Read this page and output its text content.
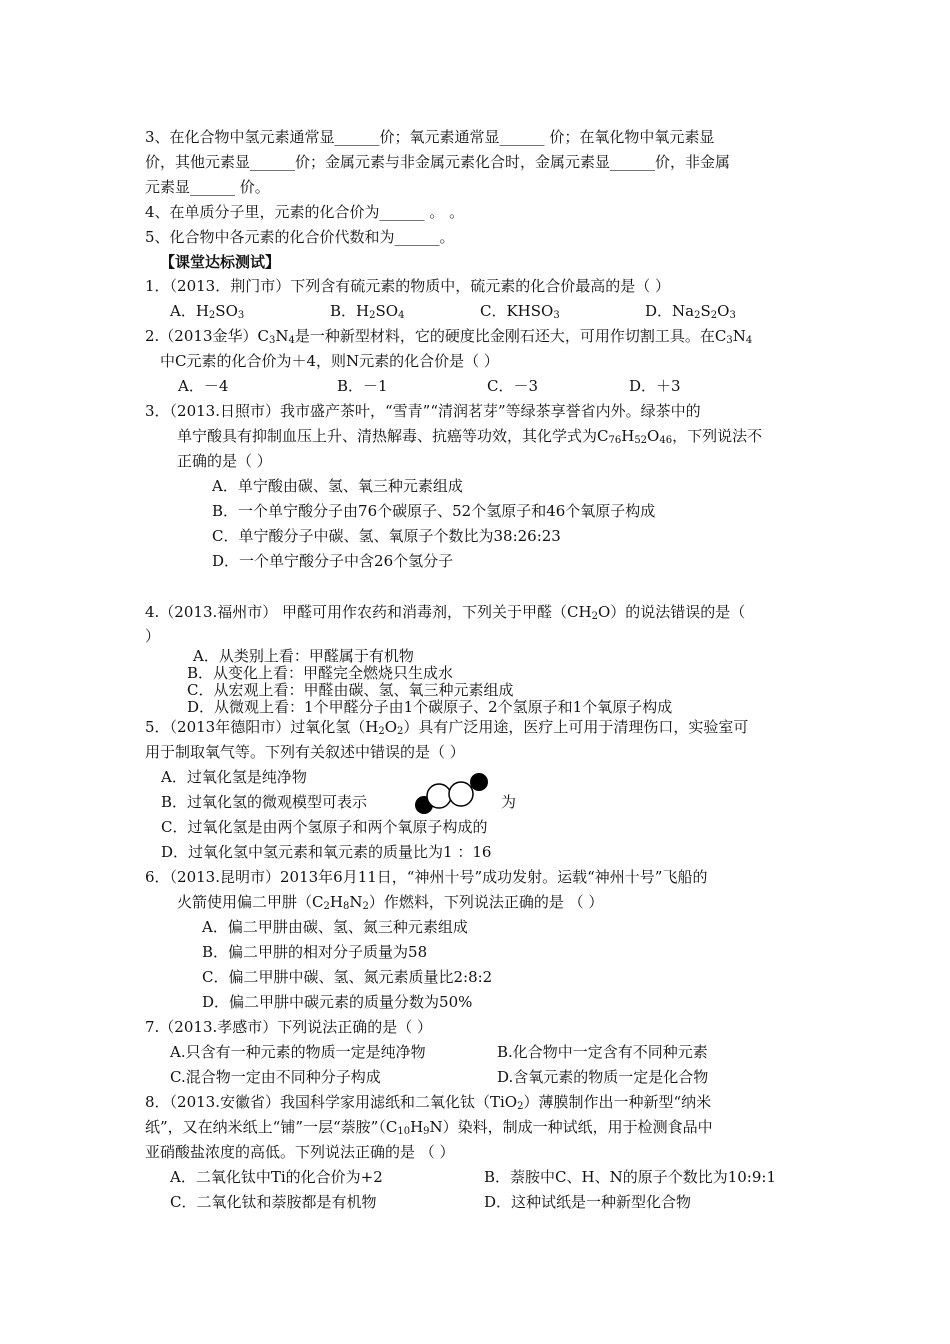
3、在化合物中氢元素通常显______价；氧元素通常显______ 价；在氧化物中氧元素显
价，其他元素显______价；金属元素与非金属元素化合时，金属元素显______价，非金属
元素显______ 价。
4、在单质分子里，元素的化合价为______ 。 。
5、化合物中各元素的化合价代数和为______。
【课堂达标测试】
1．（2013．荆门市）下列含有硫元素的物质中，硫元素的化合价最高的是（ ）
A．$H_2SO_3$	B．$H_2SO_4$	C．$KHSO_3$	D．$Na_2S_2O_3$
2.（2013金华）$C_3N_4$是一种新型材料，它的硬度比金刚石还大，可用作切割工具。在$C_3N_4$
中C元素的化合价为＋4，则N元素的化合价是（ ）
A．－4	B．－1	C．－3	D．＋3
3．（2013.日照市）我市盛产茶叶，“雪青”“清润茗芽”等绿茶享誉省内外。绿茶中的
单宁酸具有抑制血压上升、清热解毒、抗癌等功效，其化学式为$C_{76}H_{52}O_{46}$，下列说法不
正确的是（ ）
A．单宁酸由碳、氢、氧三种元素组成
B．一个单宁酸分子由76个碳原子、52个氢原子和46个氧原子构成
C．单宁酸分子中碳、氢、氧原子个数比为38:26:23
D．一个单宁酸分子中含26个氢分子
4.（2013.福州市） 甲醛可用作农药和消毒剂，下列关于甲醛$(CH_2O)$的说法错误的是（
）
A．从类别上看：甲醛属于有机物
B．从变化上看：甲醛完全燃烧只生成水
C．从宏观上看：甲醛由碳、氢、氧三种元素组成
D．从微观上看：1个甲醛分子由1个碳原子、2个氢原子和1个氧原子构成
5．（2013年德阳市）过氧化氢$(H_2O_2)$具有广泛用途，医疗上可用于清理伤口，实验室可
用于制取氧气等。下列有关叙述中错误的是（ ）
A．过氧化氢是纯净物
B．过氧化氢的微观模型可表示	为
C．过氧化氢是由两个氢原子和两个氧原子构成的
D．过氧化氢中氢元素和氧元素的质量比为1 ：16
6．（2013.昆明市）2013年6月11日，“神州十号”成功发射。运载“神州十号”飞船的
火箭使用偏二甲肼$(C_2H_8N_2)$作燃料，下列说法正确的是 （ ）
A．偏二甲肼由碳、氢、氮三种元素组成
B．偏二甲肼的相对分子质量为58
C．偏二甲肼中碳、氢、氮元素质量比2:8:2
D．偏二甲肼中碳元素的质量分数为50%
7.（2013.孝感市）下列说法正确的是（ ）
A.只含有一种元素的物质一定是纯净物	B.化合物中一定含有不同种元素
C.混合物一定由不同种分子构成	D.含氧元素的物质一定是化合物
8．（2013.安徽省）我国科学家用滤纸和二氧化钛（TiO$_2$）薄膜制作出一种新型“纳米
纸”，又在纳米纸上“铺”一层“萘胺$”(C_{10}H_9N)$染料，制成一种试纸，用于检测食品中
亚硝酸盐浓度的高低。下列说法正确的是 （ ）
A．二氧化钛中Ti的化合价为+2	B．萘胺中C、H、N的原子个数比为10:9:1
C．二氧化钛和萘胺都是有机物	D．这种试纸是一种新型化合物
